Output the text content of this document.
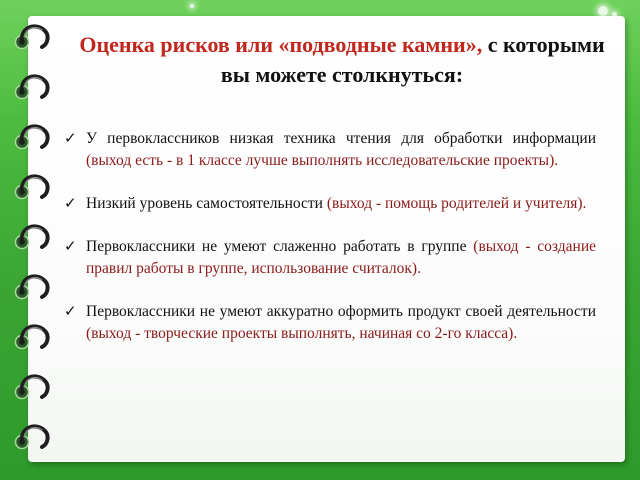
Оценка рисков или «подводные камни», с которыми вы можете столкнуться:
✓ У первоклассников низкая техника чтения для обработки информации (выход есть - в 1 классе лучше выполнять исследовательские проекты).
✓ Низкий уровень самостоятельности (выход - помощь родителей и учителя).
✓ Первоклассники не умеют слаженно работать в группе (выход - создание правил работы в группе, использование считалок).
✓ Первоклассники не умеют аккуратно оформить продукт своей деятельности (выход - творческие проекты выполнять, начиная со 2-го класса).
